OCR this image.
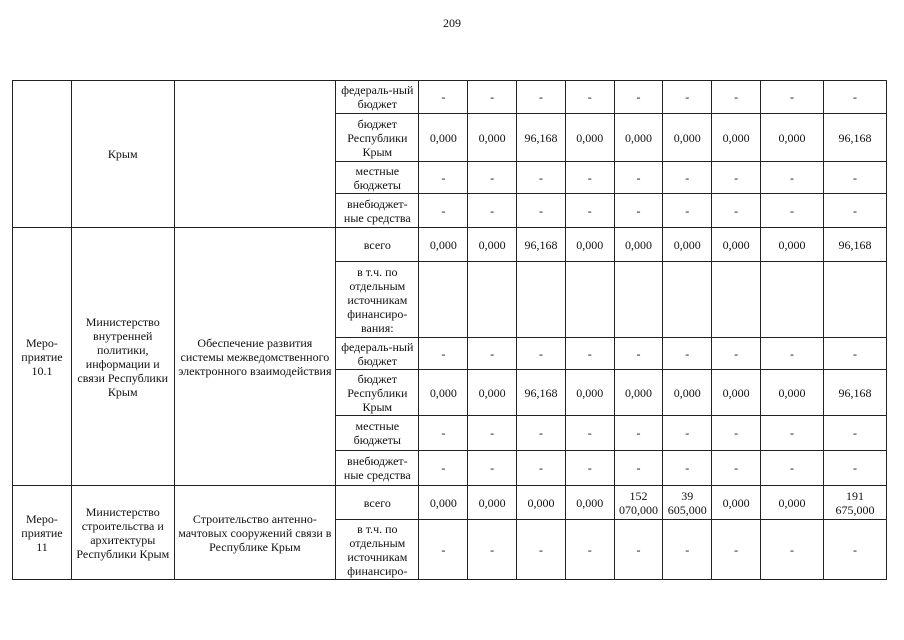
209
	Крым		федераль-ный бюджет	-	-	-	-	-	-	-	-	-
			бюджет Республики Крым	0,000	0,000	96,168	0,000	0,000	0,000	0,000	0,000	96,168
			местные бюджеты	-	-	-	-	-	-	-	-	-
			внебюджет-ные средства	-	-	-	-	-	-	-	-	-
Меро-приятие 10.1	Министерство внутренней политики, информации и связи Республики Крым	Обеспечение развития системы межведомственного электронного взаимодействия	всего	0,000	0,000	96,168	0,000	0,000	0,000	0,000	0,000	96,168
			в т.ч. по отдельным источникам финансиро-вания:									
			федераль-ный бюджет	-	-	-	-	-	-	-	-	-
			бюджет Республики Крым	0,000	0,000	96,168	0,000	0,000	0,000	0,000	0,000	96,168
			местные бюджеты	-	-	-	-	-	-	-	-	-
			внебюджет-ные средства	-	-	-	-	-	-	-	-	-
Меро-приятие 11	Министерство строительства и архитектуры Республики Крым	Строительство антенно-мачтовых сооружений связи в Республике Крым	всего	0,000	0,000	0,000	0,000	152 070,000	39 605,000	0,000	0,000	191 675,000
			в т.ч. по отдельным источникам финансиро-	-	-	-	-	-	-	-	-	-
